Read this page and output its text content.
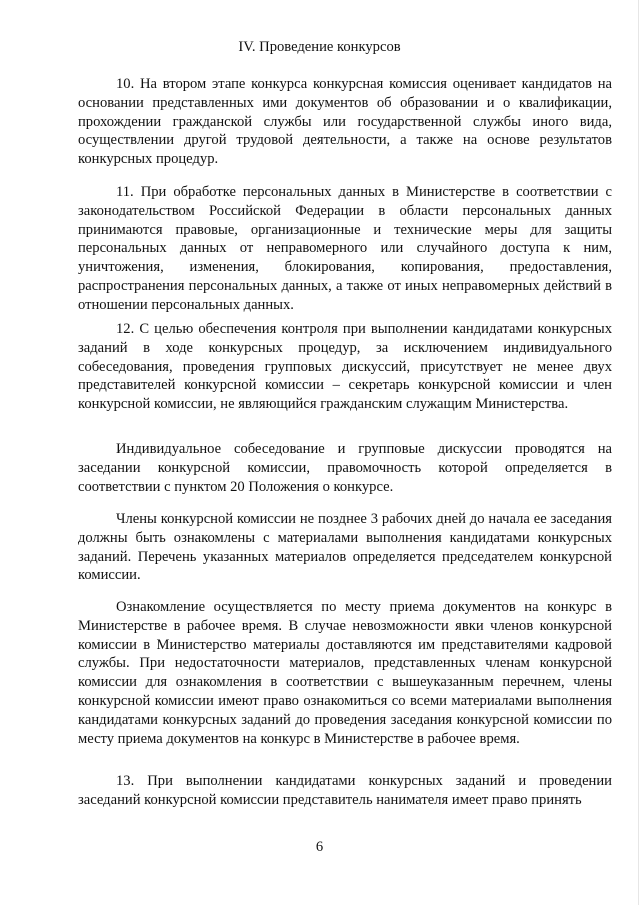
IV. Проведение конкурсов

10. На втором этапе конкурса конкурсная комиссия оценивает кандидатов на основании представленных ими документов об образовании и о квалификации, прохождении гражданской службы или государственной службы иного вида, осуществлении другой трудовой деятельности, а также на основе результатов конкурсных процедур.

11. При обработке персональных данных в Министерстве в соответствии с законодательством Российской Федерации в области персональных данных принимаются правовые, организационные и технические меры для защиты персональных данных от неправомерного или случайного доступа к ним, уничтожения, изменения, блокирования, копирования, предоставления, распространения персональных данных, а также от иных неправомерных действий в отношении персональных данных.

12. С целью обеспечения контроля при выполнении кандидатами конкурсных заданий в ходе конкурсных процедур, за исключением индивидуального собеседования, проведения групповых дискуссий, присутствует не менее двух представителей конкурсной комиссии – секретарь конкурсной комиссии и член конкурсной комиссии, не являющийся гражданским служащим Министерства.

Индивидуальное собеседование и групповые дискуссии проводятся на заседании конкурсной комиссии, правомочность которой определяется в соответствии с пунктом 20 Положения о конкурсе.

Члены конкурсной комиссии не позднее 3 рабочих дней до начала ее заседания должны быть ознакомлены с материалами выполнения кандидатами конкурсных заданий. Перечень указанных материалов определяется председателем конкурсной комиссии.

Ознакомление осуществляется по месту приема документов на конкурс в Министерстве в рабочее время. В случае невозможности явки членов конкурсной комиссии в Министерство материалы доставляются им представителями кадровой службы. При недостаточности материалов, представленных членам конкурсной комиссии для ознакомления в соответствии с вышеуказанным перечнем, члены конкурсной комиссии имеют право ознакомиться со всеми материалами выполнения кандидатами конкурсных заданий до проведения заседания конкурсной комиссии по месту приема документов на конкурс в Министерстве в рабочее время.

13. При выполнении кандидатами конкурсных заданий и проведении заседаний конкурсной комиссии представитель нанимателя имеет право принять

6
